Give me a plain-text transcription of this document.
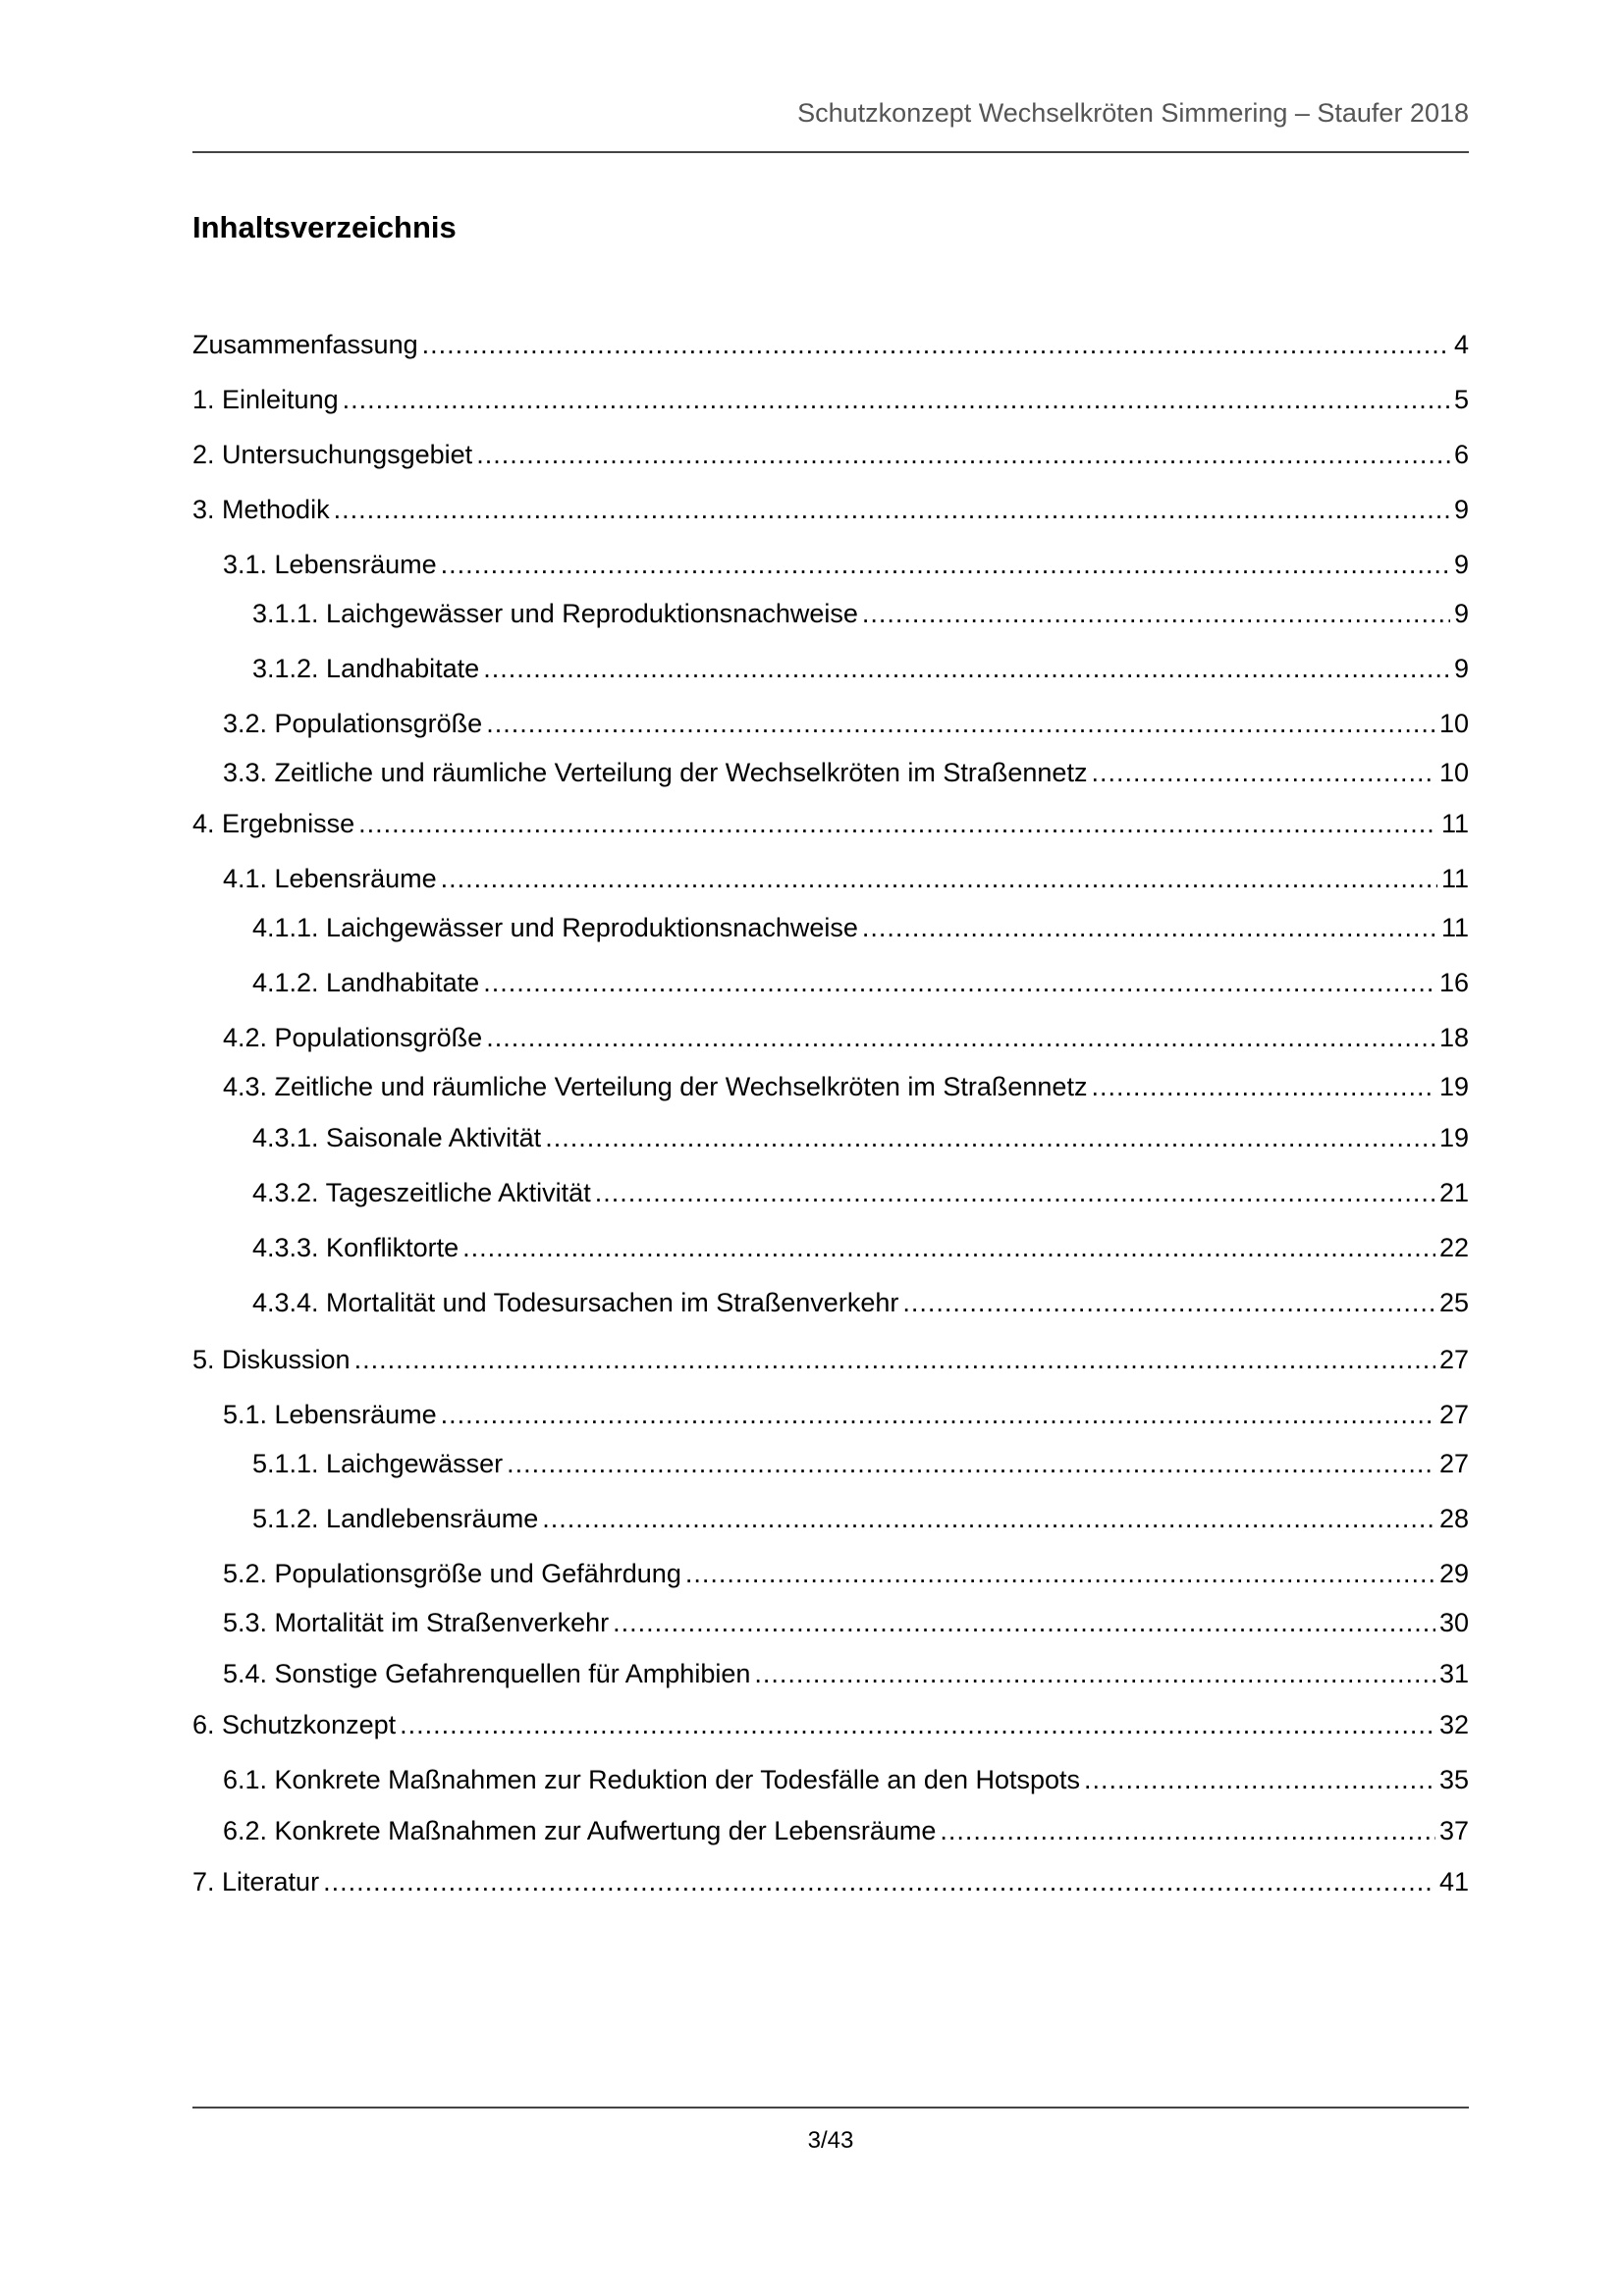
Schutzkonzept Wechselkröten Simmering – Staufer 2018
Inhaltsverzeichnis
Zusammenfassung .....	4
1. Einleitung .....	5
2. Untersuchungsgebiet .....	6
3. Methodik .....	9
3.1. Lebensräume .....	9
3.1.1. Laichgewässer und Reproduktionsnachweise .....	9
3.1.2. Landhabitate .....	9
3.2. Populationsgröße .....	10
3.3. Zeitliche und räumliche Verteilung der Wechselkröten im Straßennetz .....	10
4. Ergebnisse .....	11
4.1. Lebensräume .....	11
4.1.1. Laichgewässer und Reproduktionsnachweise .....	11
4.1.2. Landhabitate .....	16
4.2. Populationsgröße .....	18
4.3. Zeitliche und räumliche Verteilung der Wechselkröten im Straßennetz .....	19
4.3.1. Saisonale Aktivität .....	19
4.3.2. Tageszeitliche Aktivität .....	21
4.3.3. Konfliktorte .....	22
4.3.4. Mortalität und Todesursachen im Straßenverkehr .....	25
5. Diskussion .....	27
5.1. Lebensräume .....	27
5.1.1. Laichgewässer .....	27
5.1.2. Landlebensräume .....	28
5.2. Populationsgröße und Gefährdung .....	29
5.3. Mortalität im Straßenverkehr .....	30
5.4. Sonstige Gefahrenquellen für Amphibien .....	31
6. Schutzkonzept .....	32
6.1. Konkrete Maßnahmen zur Reduktion der Todesfälle an den Hotspots .....	35
6.2. Konkrete Maßnahmen zur Aufwertung der Lebensräume .....	37
7. Literatur .....	41
3/43
